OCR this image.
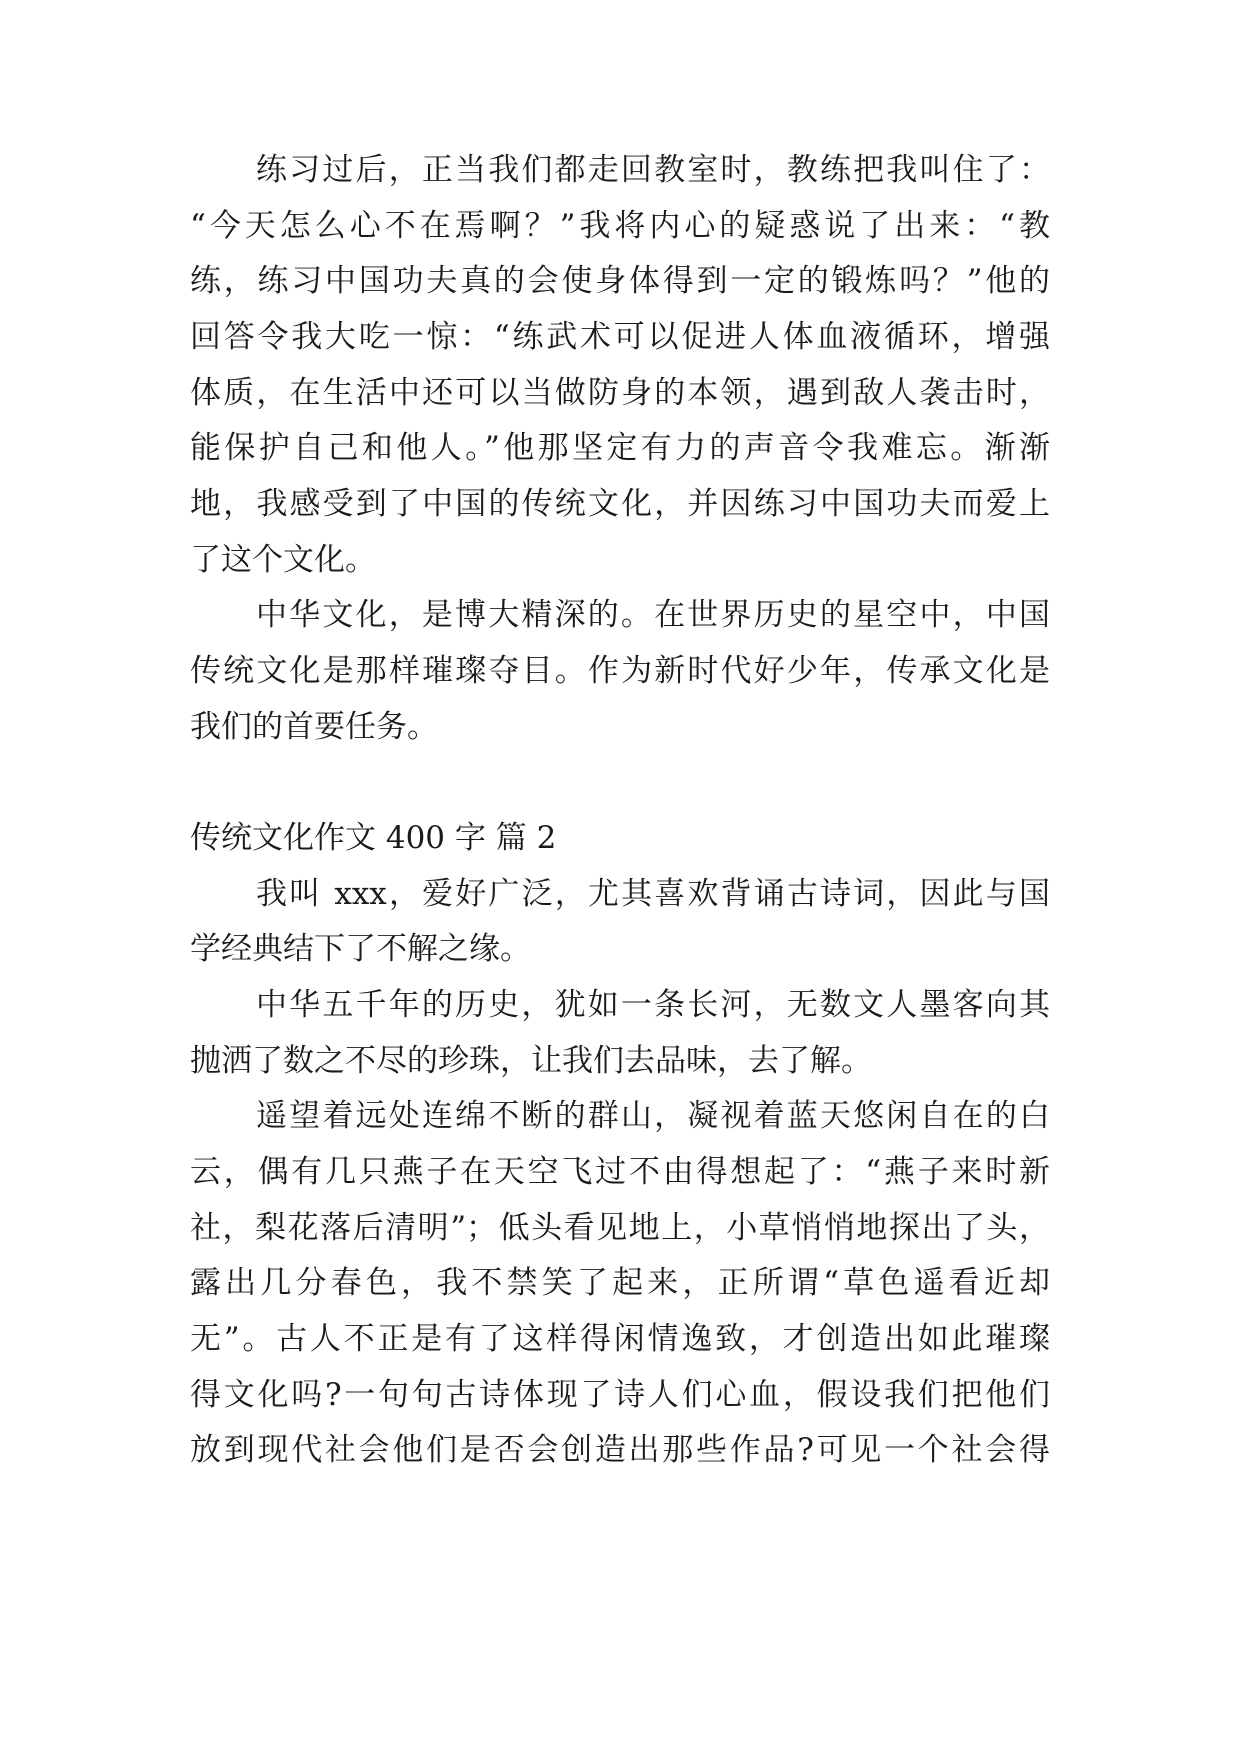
练习过后，正当我们都走回教室时，教练把我叫住了：
“今天怎么心不在焉啊？”我将内心的疑惑说了出来：“教
练，练习中国功夫真的会使身体得到一定的锻炼吗？”他的
回答令我大吃一惊：“练武术可以促进人体血液循环，增强
体质，在生活中还可以当做防身的本领，遇到敌人袭击时，
能保护自己和他人。”他那坚定有力的声音令我难忘。渐渐
地，我感受到了中国的传统文化，并因练习中国功夫而爱上
了这个文化。
中华文化，是博大精深的。在世界历史的星空中，中国
传统文化是那样璀璨夺目。作为新时代好少年，传承文化是
我们的首要任务。
传统文化作文 400 字 篇 2
我叫 xxx，爱好广泛，尤其喜欢背诵古诗词，因此与国
学经典结下了不解之缘。
中华五千年的历史，犹如一条长河，无数文人墨客向其
抛洒了数之不尽的珍珠，让我们去品味，去了解。
遥望着远处连绵不断的群山，凝视着蓝天悠闲自在的白
云，偶有几只燕子在天空飞过不由得想起了：“燕子来时新
社，梨花落后清明”；低头看见地上，小草悄悄地探出了头，
露出几分春色，我不禁笑了起来，正所谓“草色遥看近却
无”。古人不正是有了这样得闲情逸致，才创造出如此璀璨
得文化吗?一句句古诗体现了诗人们心血，假设我们把他们
放到现代社会他们是否会创造出那些作品?可见一个社会得
